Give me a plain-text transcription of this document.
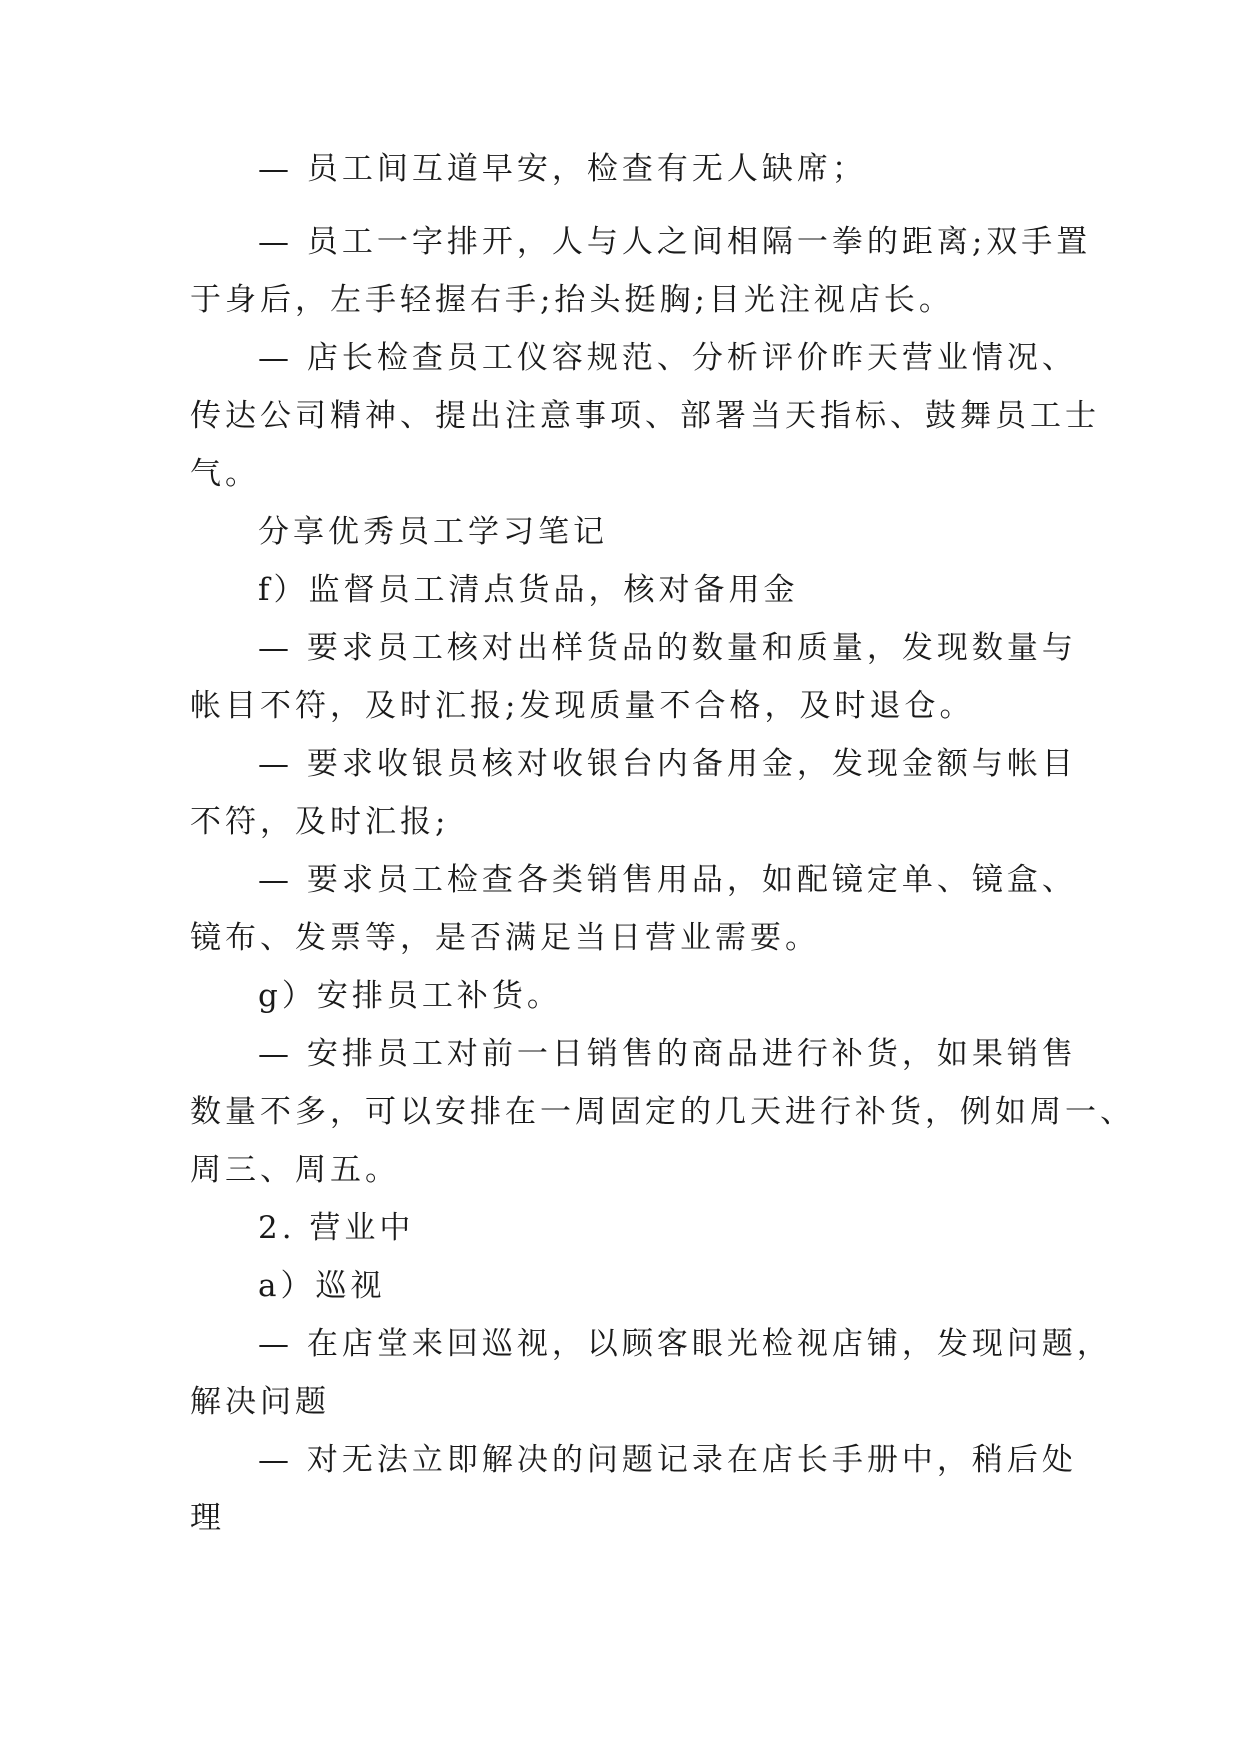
— 员工间互道早安，检查有无人缺席；
— 员工一字排开，人与人之间相隔一拳的距离;双手置
于身后，左手轻握右手;抬头挺胸;目光注视店长。
— 店长检查员工仪容规范、分析评价昨天营业情况、
传达公司精神、提出注意事项、部署当天指标、鼓舞员工士
气。
分享优秀员工学习笔记
f）监督员工清点货品，核对备用金
— 要求员工核对出样货品的数量和质量，发现数量与
帐目不符，及时汇报;发现质量不合格，及时退仓。
— 要求收银员核对收银台内备用金，发现金额与帐目
不符，及时汇报;
— 要求员工检查各类销售用品，如配镜定单、镜盒、
镜布、发票等，是否满足当日营业需要。
g）安排员工补货。
— 安排员工对前一日销售的商品进行补货，如果销售
数量不多，可以安排在一周固定的几天进行补货，例如周一、
周三、周五。
2. 营业中
a）巡视
— 在店堂来回巡视，以顾客眼光检视店铺，发现问题，
解决问题
— 对无法立即解决的问题记录在店长手册中，稍后处
理
